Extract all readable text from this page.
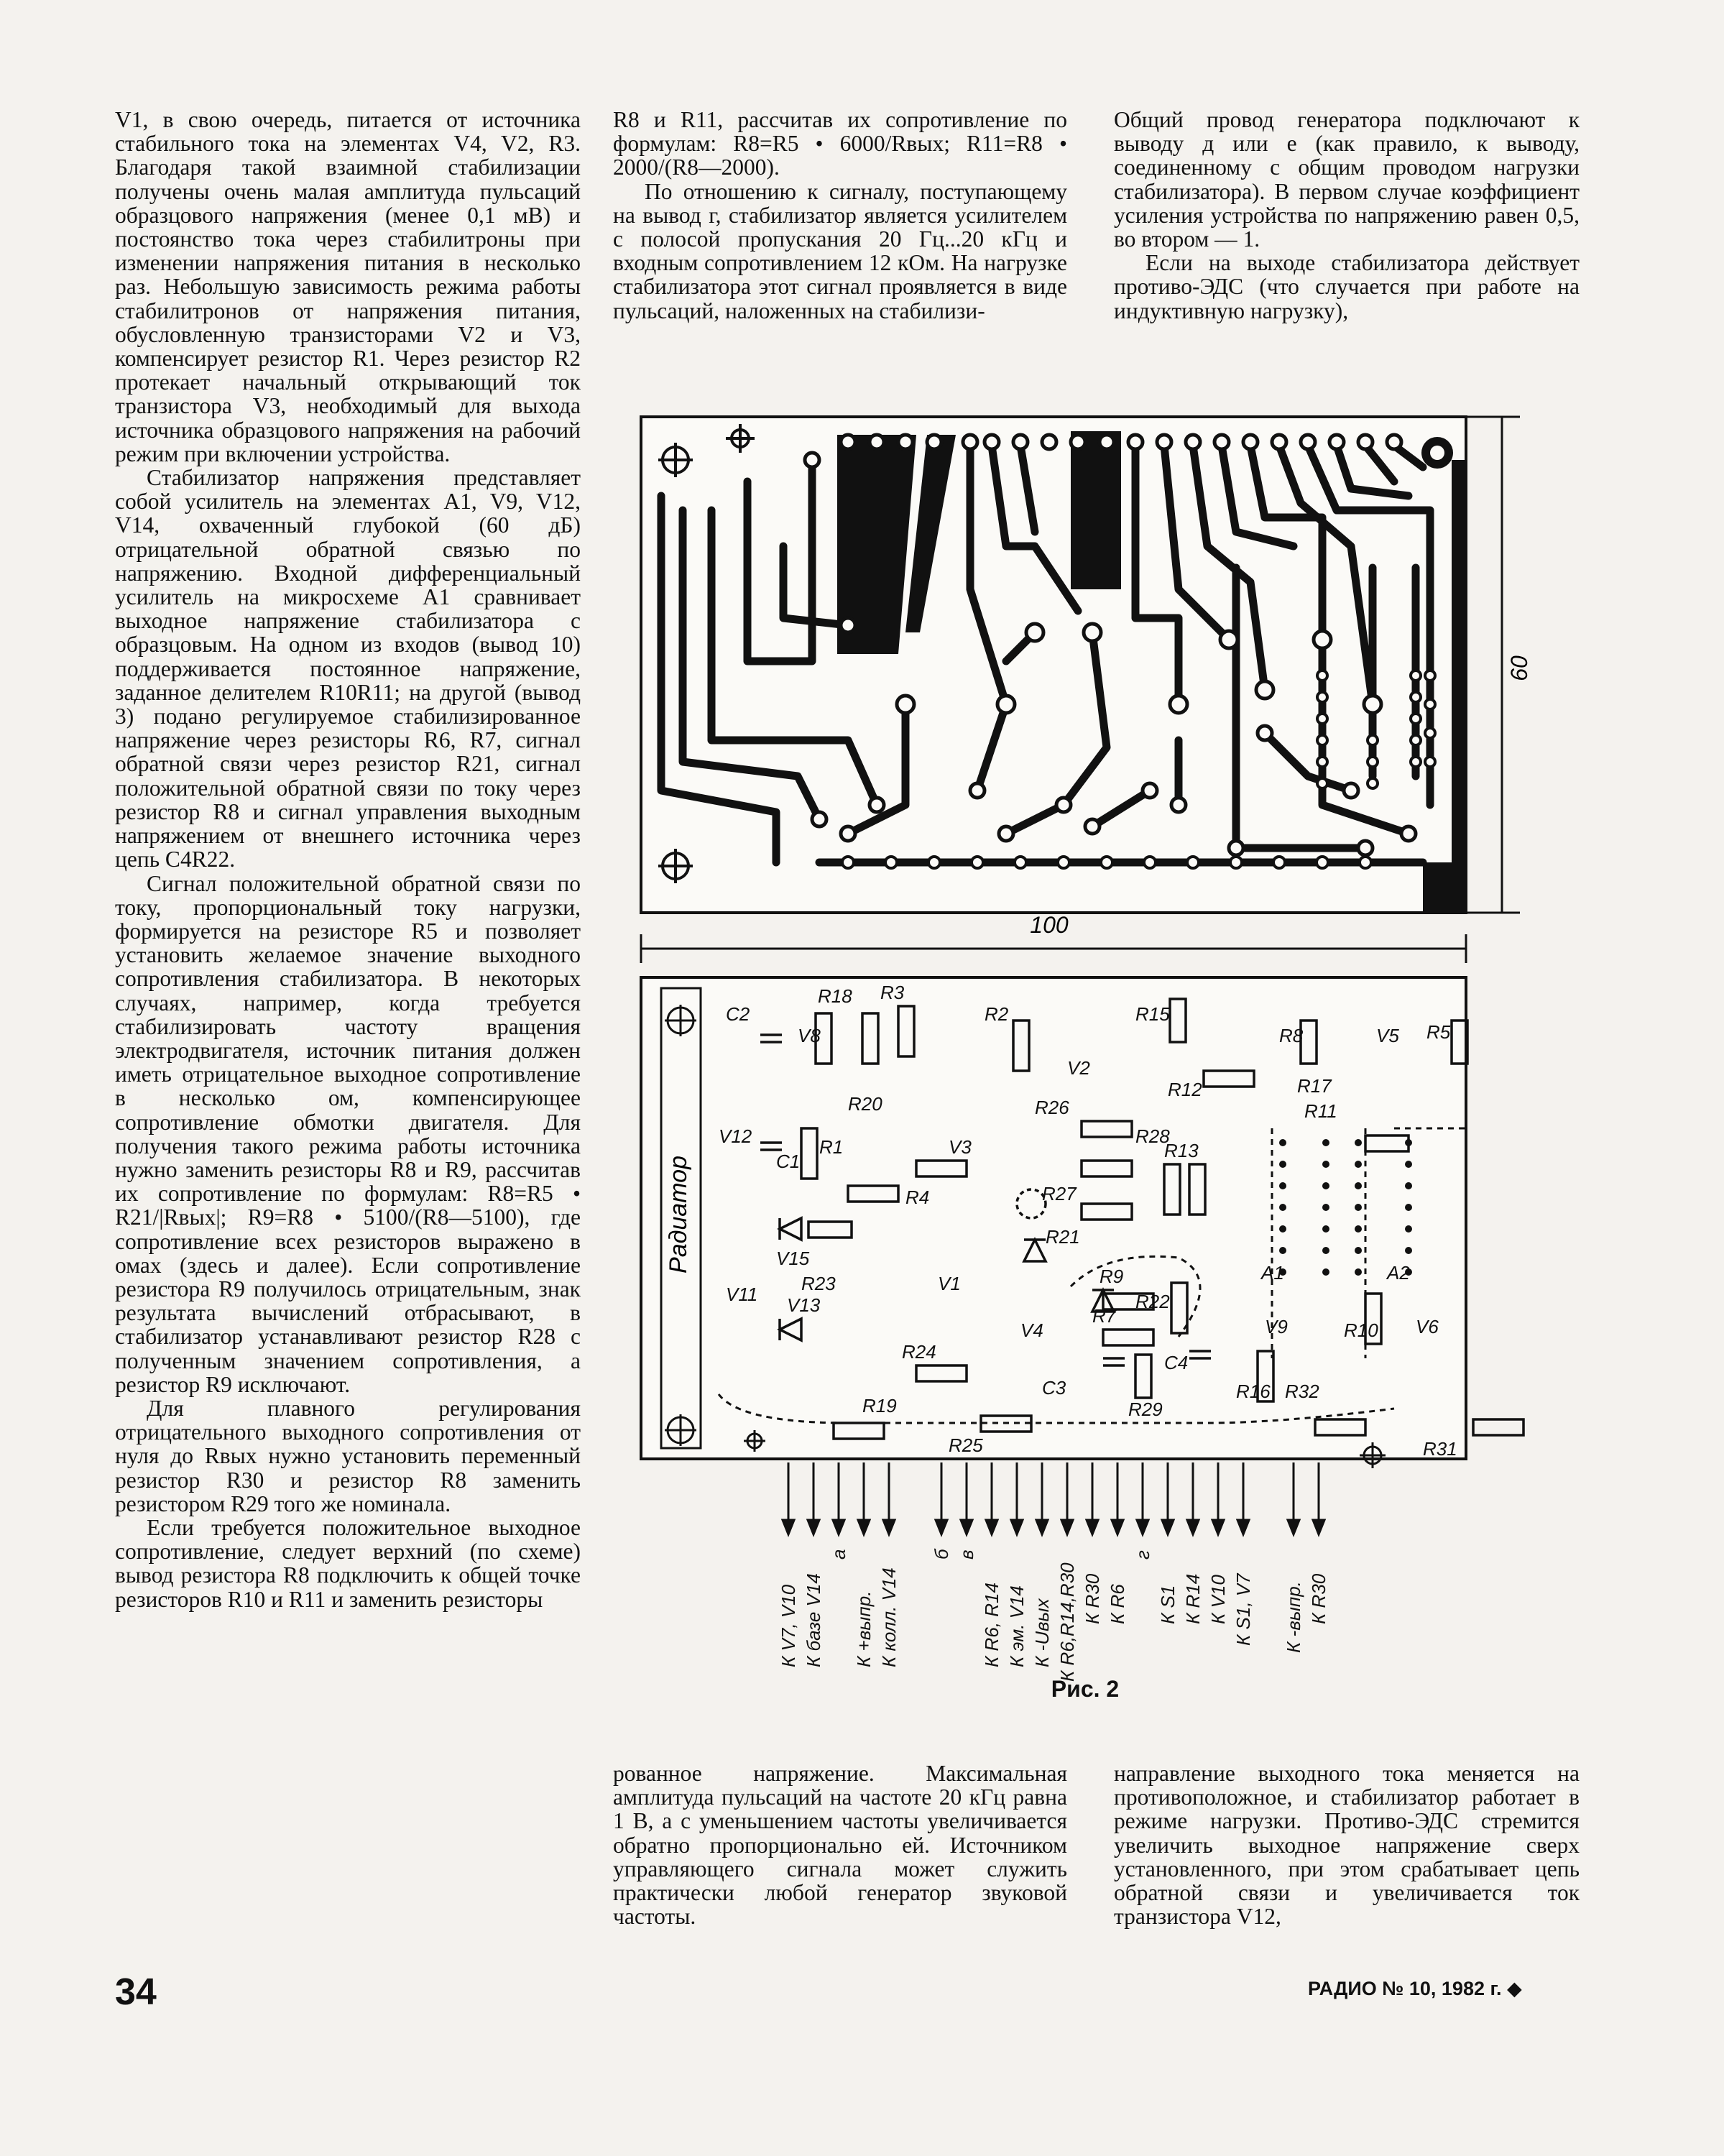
V1, в свою очередь, питается от источника стабильного тока на элементах V4, V2, R3. Благодаря такой взаимной стабилизации получены очень малая амплитуда пульсаций образцового напряжения (менее 0,1 мВ) и постоянство тока через стабилитроны при изменении напряжения питания в несколько раз. Небольшую зависимость режима работы стабилитронов от напряжения питания, обусловленную транзисторами V2 и V3, компенсирует резистор R1. Через резистор R2 протекает начальный открывающий ток транзистора V3, необходимый для выхода источника образцового напряжения на рабочий режим при включении устройства.

Стабилизатор напряжения представляет собой усилитель на элементах A1, V9, V12, V14, охваченный глубокой (60 дБ) отрицательной обратной связью по напряжению. Входной дифференциальный усилитель на микросхеме A1 сравнивает выходное напряжение стабилизатора с образцовым. На одном из входов (вывод 10) поддерживается постоянное напряжение, заданное делителем R10R11; на другой (вывод 3) подано регулируемое стабилизированное напряжение через резисторы R6, R7, сигнал обратной связи через резистор R21, сигнал положительной обратной связи по току через резистор R8 и сигнал управления выходным напряжением от внешнего источника через цепь C4R22.

Сигнал положительной обратной связи по току, пропорциональный току нагрузки, формируется на резисторе R5 и позволяет установить желаемое значение выходного сопротивления стабилизатора. В некоторых случаях, например, когда требуется стабилизировать частоту вращения электродвигателя, источник питания должен иметь отрицательное выходное сопротивление в несколько ом, компенсирующее сопротивление обмотки двигателя. Для получения такого режима работы источника нужно заменить резисторы R8 и R9, рассчитав их сопротивление по формулам: R8=R5 • R21/|Rвых|; R9=R8 • 5100/(R8—5100), где сопротивление всех резисторов выражено в омах (здесь и далее). Если сопротивление резистора R9 получилось отрицательным, знак результата вычислений отбрасывают, в стабилизатор устанавливают резистор R28 с полученным значением сопротивления, а резистор R9 исключают.

Для плавного регулирования отрицательного выходного сопротивления от нуля до Rвых нужно установить переменный резистор R30 и резистор R8 заменить резистором R29 того же номинала.

Если требуется положительное выходное сопротивление, следует верхний (по схеме) вывод резистора R8 подключить к общей точке резисторов R10 и R11 и заменить резисторы

R8 и R11, рассчитав их сопротивление по формулам: R8=R5 • 6000/Rвых; R11=R8 • 2000/(R8—2000).

По отношению к сигналу, поступающему на вывод г, стабилизатор является усилителем с полосой пропускания 20 Гц...20 кГц и входным сопротивлением 12 кОм. На нагрузке стабилизатора этот сигнал проявляется в виде пульсаций, наложенных на стабилизи-

Общий провод генератора подключают к выводу д или е (как правило, к выводу, соединенному с общим проводом нагрузки стабилизатора). В первом случае коэффициент усиления устройства по напряжению равен 0,5, во втором — 1.

Если на выходе стабилизатора действует противо-ЭДС (что случается при работе на индуктивную нагрузку),

100
60
Радиатор
C2
R18
V8
R3
R2	R15
R8	V5 R5
V12
C1
R1
R20
V3
V2
R26
R12	R17
R11
V15
R4	R27
R28
R13
R21
R23	V1	R9
R22
A1	A2
V11 V13
V4
R7
R10
V9	V6
R24
C3
C4
R16 R32
R19
R25
R29
R31
К V7, V10 К базе V14
а
К +выпр. К колл. V14
б в
К R6, R14 К эм. V14 К -Uвых К R6,R14,R30 К R30 К R6
г
К S1 К R14 К V10 К S1, V7 К -выпр. К R30
Рис. 2

рованное напряжение. Максимальная амплитуда пульсаций на частоте 20 кГц равна 1 В, а с уменьшением частоты увеличивается обратно пропорционально ей. Источником управляющего сигнала может служить практически любой генератор звуковой частоты.

направление выходного тока меняется на противоположное, и стабилизатор работает в режиме нагрузки. Противо-ЭДС стремится увеличить выходное напряжение сверх установленного, при этом срабатывает цепь обратной связи и увеличивается ток транзистора V12,

34	РАДИО № 10, 1982 г. ◆
